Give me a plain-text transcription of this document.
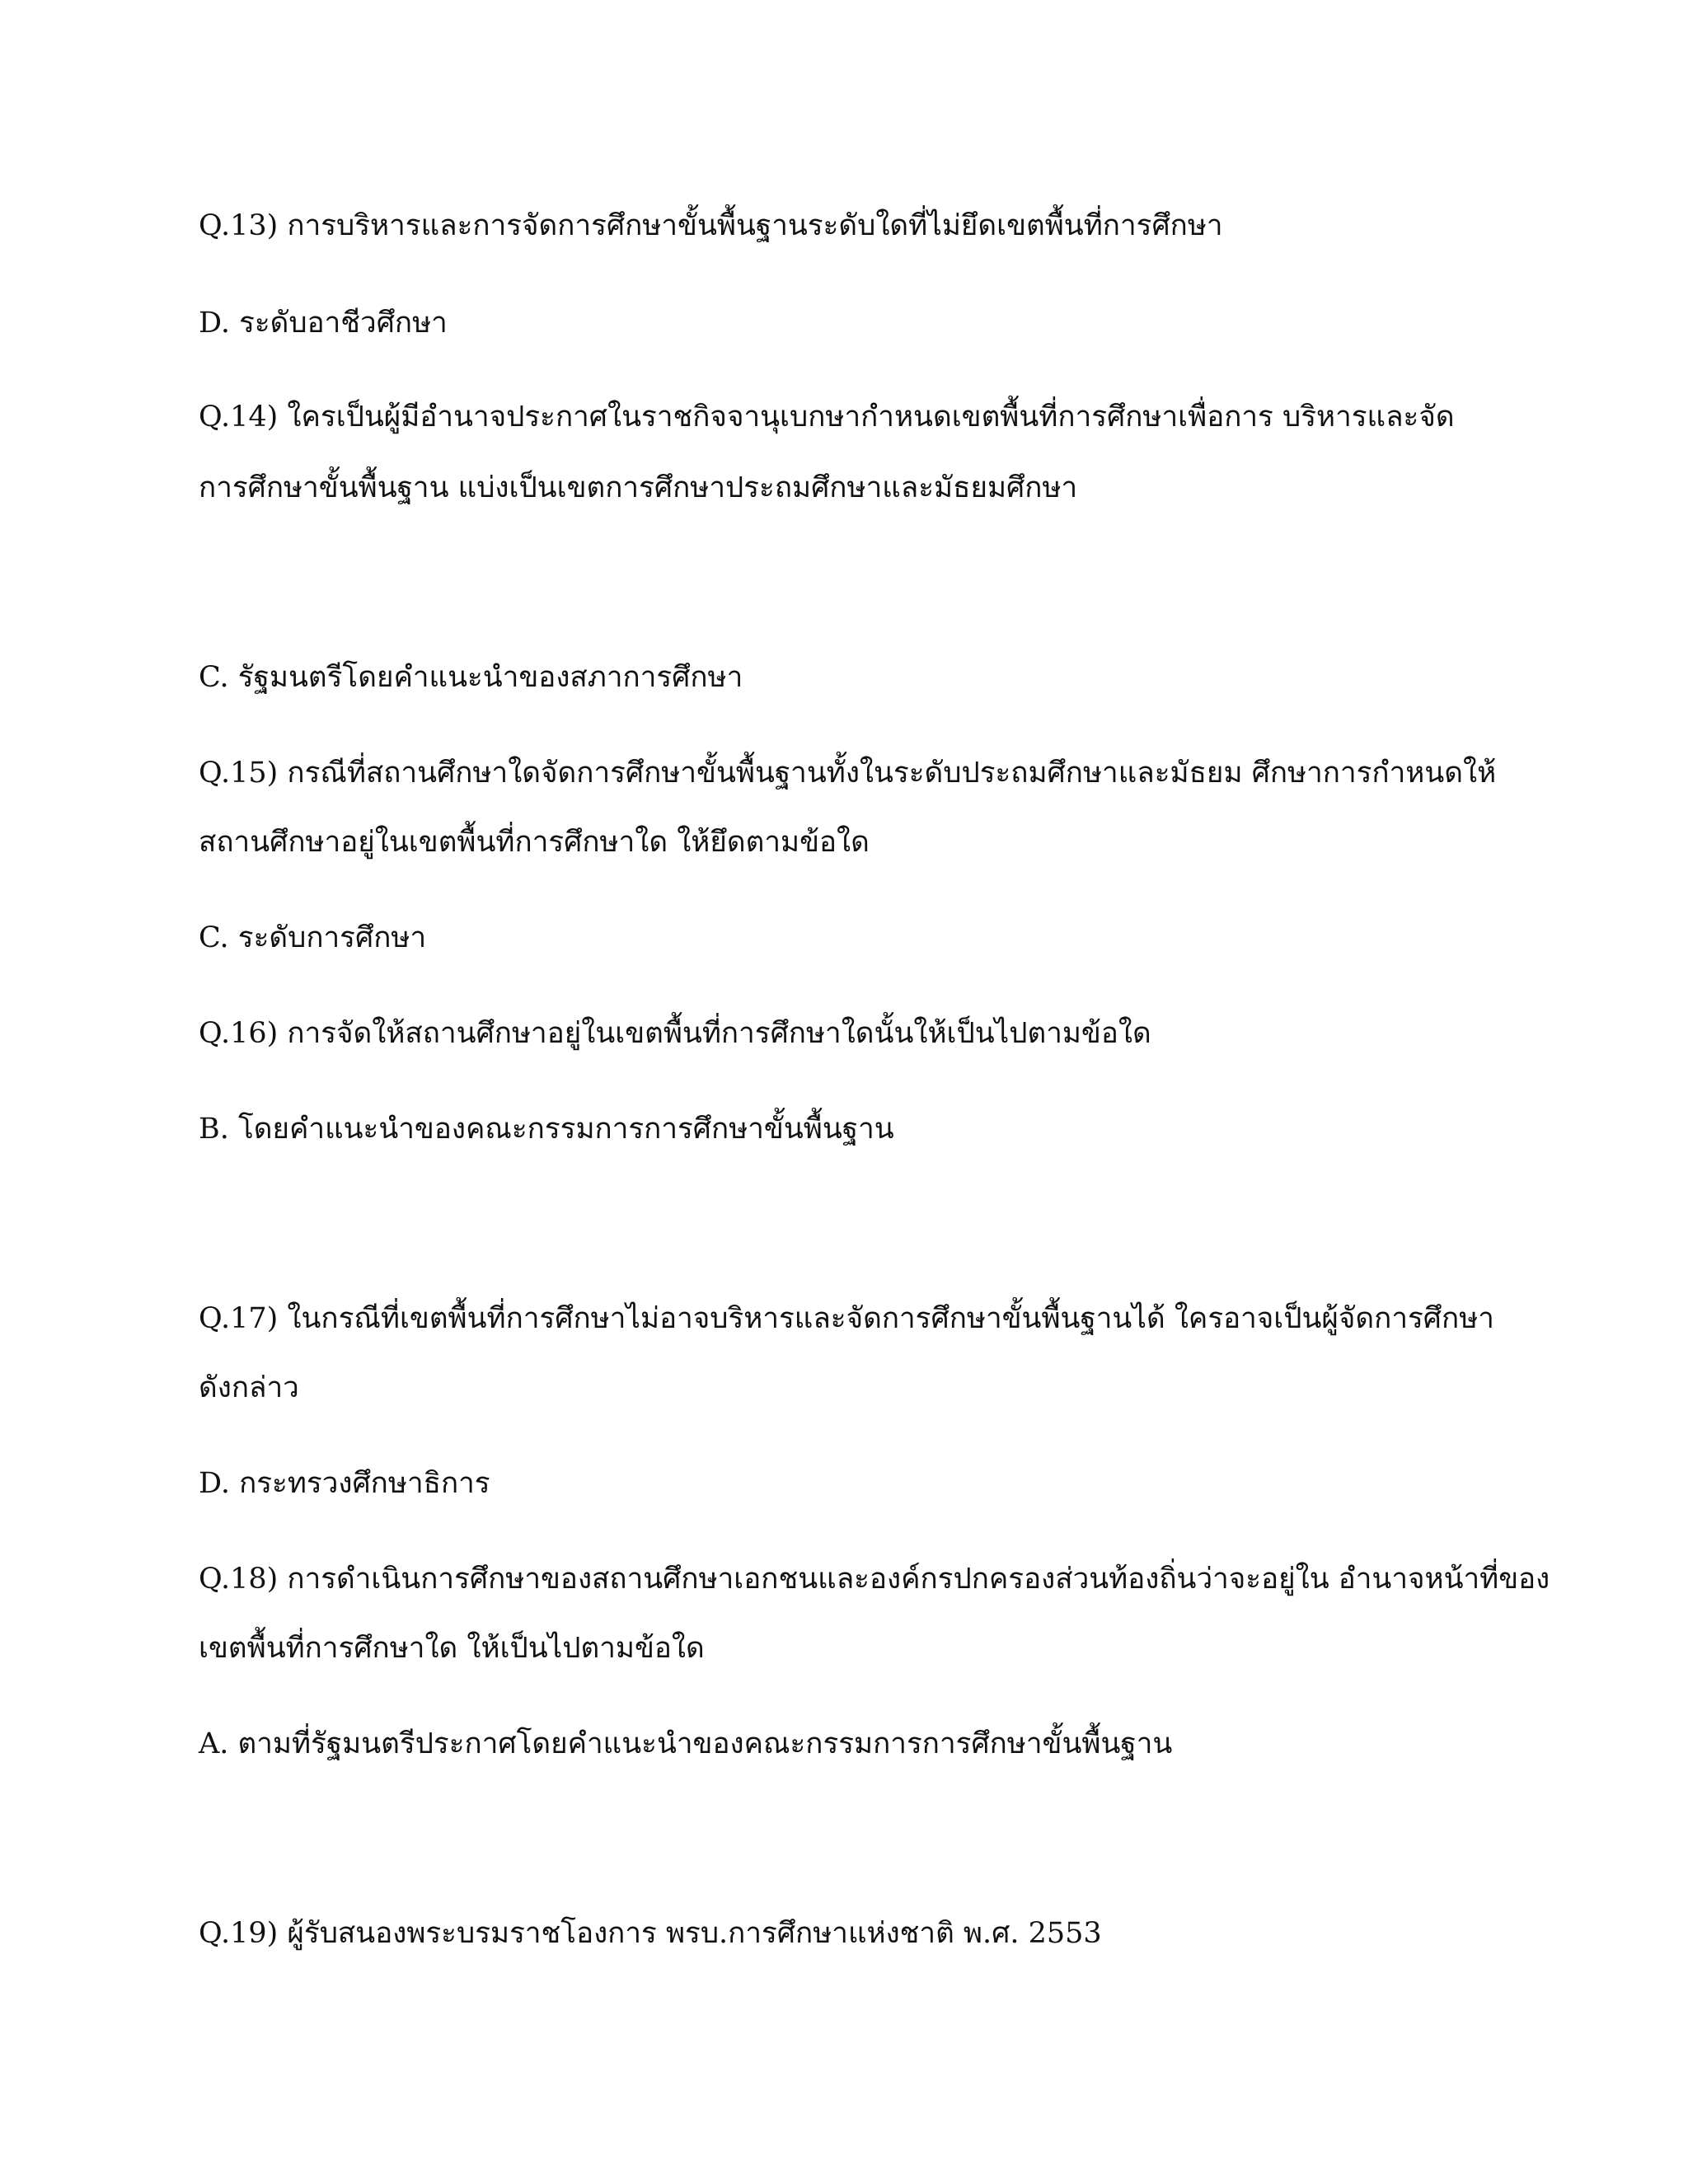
Q.13) การบริหารและการจัดการศึกษาขั้นพื้นฐานระดับใดที่ไม่ยึดเขตพื้นที่การศึกษา

D. ระดับอาชีวศึกษา

Q.14) ใครเป็นผู้มีอำนาจประกาศในราชกิจจานุเบกษากำหนดเขตพื้นที่การศึกษาเพื่อการ บริหารและจัด

การศึกษาขั้นพื้นฐาน แบ่งเป็นเขตการศึกษาประถมศึกษาและมัธยมศึกษา

C. รัฐมนตรีโดยคำแนะนำของสภาการศึกษา

Q.15) กรณีที่สถานศึกษาใดจัดการศึกษาขั้นพื้นฐานทั้งในระดับประถมศึกษาและมัธยม ศึกษาการกำหนดให้

สถานศึกษาอยู่ในเขตพื้นที่การศึกษาใด ให้ยึดตามข้อใด

C. ระดับการศึกษา

Q.16) การจัดให้สถานศึกษาอยู่ในเขตพื้นที่การศึกษาใดนั้นให้เป็นไปตามข้อใด

B. โดยคำแนะนำของคณะกรรมการการศึกษาขั้นพื้นฐาน

Q.17) ในกรณีที่เขตพื้นที่การศึกษาไม่อาจบริหารและจัดการศึกษาขั้นพื้นฐานได้ ใครอาจเป็นผู้จัดการศึกษา

ดังกล่าว

D. กระทรวงศึกษาธิการ

Q.18) การดำเนินการศึกษาของสถานศึกษาเอกชนและองค์กรปกครองส่วนท้องถิ่นว่าจะอยู่ใน อำนาจหน้าที่ของ

เขตพื้นที่การศึกษาใด ให้เป็นไปตามข้อใด

A. ตามที่รัฐมนตรีประกาศโดยคำแนะนำของคณะกรรมการการศึกษาขั้นพื้นฐาน

Q.19) ผู้รับสนองพระบรมราชโองการ พรบ.การศึกษาแห่งชาติ พ.ศ. 2553
